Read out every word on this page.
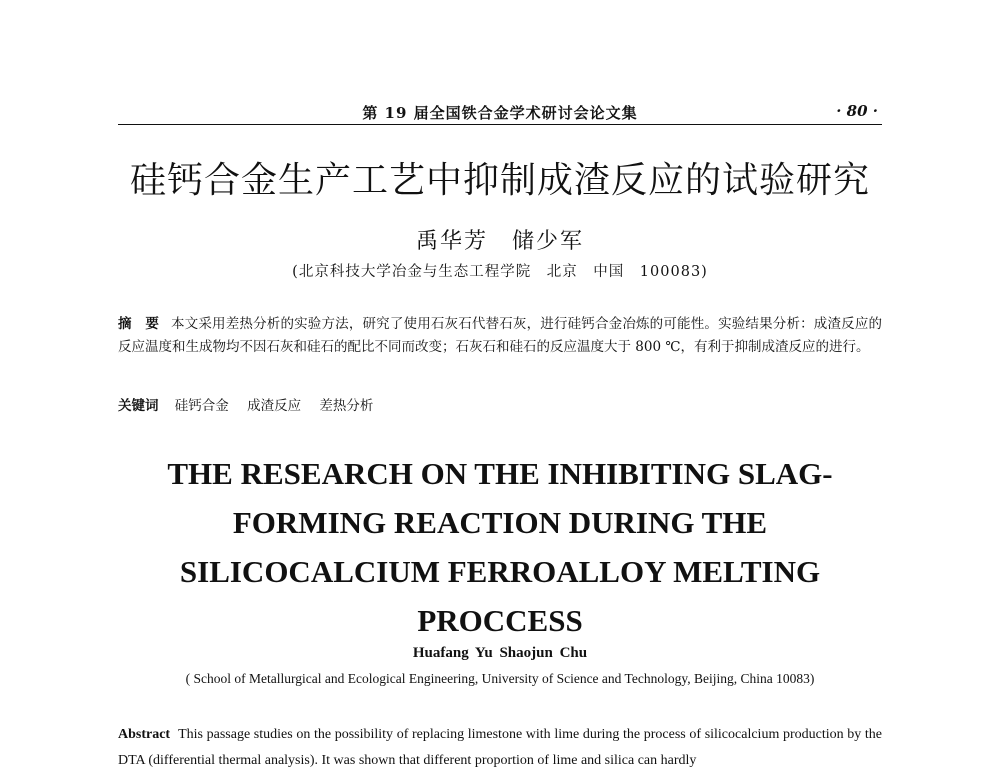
第 19 届全国铁合金学术研讨会论文集	· 80 ·
硅钙合金生产工艺中抑制成渣反应的试验研究
禹华芳　储少军
(北京科技大学冶金与生态工程学院　北京　中国　100083)
摘　要 本文采用差热分析的实验方法，研究了使用石灰石代替石灰，进行硅钙合金冶炼的可能性。实验结果分析：成渣反应的反应温度和生成物均不因石灰和硅石的配比不同而改变；石灰石和硅石的反应温度大于 800 ℃，有利于抑制成渣反应的进行。
关键词 硅钙合金 成渣反应 差热分析
THE RESEARCH ON THE INHIBITING SLAG-FORMING REACTION DURING THE SILICOCALCIUM FERROALLOY MELTING PROCCESS
Huafang Yu Shaojun Chu
( School of Metallurgical and Ecological Engineering, University of Science and Technology, Beijing, China 10083)
Abstract This passage studies on the possibility of replacing limestone with lime during the process of silicocalcium production by the DTA (differential thermal analysis). It was shown that different proportion of lime and silica can hardly
